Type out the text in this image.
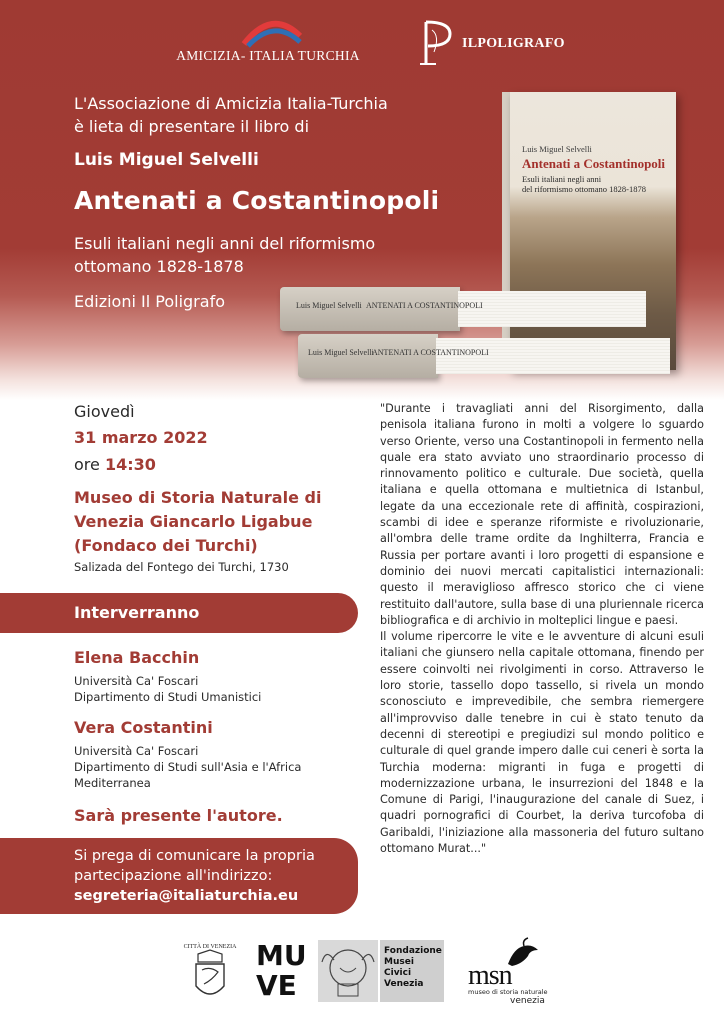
AMICIZIA- ITALIA TURCHIA
ILPOLIGRAFO
L'Associazione di Amicizia Italia-Turchia
è lieta di presentare il libro di
Luis Miguel Selvelli
Antenati a Costantinopoli
Esuli italiani negli anni del riformismo
ottomano 1828-1878
Edizioni Il Poligrafo
Luis Miguel Selvelli
Antenati a Costantinopoli
Esuli italiani negli anni
del riformismo ottomano 1828-1878
Luis Miguel Selvelli ANTENATI A COSTANTINOPOLI
Luis Miguel Selvelli
ANTENATI A COSTANTINOPOLI
Giovedì
31 marzo 2022
ore 14:30
Museo di Storia Naturale di
Venezia Giancarlo Ligabue
(Fondaco dei Turchi)
Salizada del Fontego dei Turchi, 1730
Interverranno
Elena Bacchin
Università Ca' Foscari
Dipartimento di Studi Umanistici
Vera Costantini
Università Ca' Foscari
Dipartimento di Studi sull'Asia e l'Africa
Mediterranea
Sarà presente l'autore.
Si prega di comunicare la propria
partecipazione all'indirizzo:
segreteria@italiaturchia.eu

"Durante i travagliati anni del Risorgimento, dalla penisola italiana furono in molti a volgere lo sguardo verso Oriente, verso una Costantinopoli in fermento nella quale era stato avviato uno straordinario processo di rinnovamento politico e culturale. Due società, quella italiana e quella ottomana e multietnica di Istanbul, legate da una eccezionale rete di affinità, cospirazioni, scambi di idee e speranze riformiste e rivoluzionarie, all'ombra delle trame ordite da Inghilterra, Francia e Russia per portare avanti i loro progetti di espansione e dominio dei nuovi mercati capitalistici internazionali: questo il meraviglioso affresco storico che ci viene restituito dall'autore, sulla base di una pluriennale ricerca bibliografica e di archivio in molteplici lingue e paesi.

Il volume ripercorre le vite e le avventure di alcuni esuli italiani che giunsero nella capitale ottomana, finendo per essere coinvolti nei rivolgimenti in corso. Attraverso le loro storie, tassello dopo tassello, si rivela un mondo sconosciuto e imprevedibile, che sembra riemergere all'improvviso dalle tenebre in cui è stato tenuto da decenni di stereotipi e pregiudizi sul mondo politico e culturale di quel grande impero dalle cui ceneri è sorta la Turchia moderna: migranti in fuga e progetti di modernizzazione urbana, le insurrezioni del 1848 e la Comune di Parigi, l'inaugurazione del canale di Suez, i quadri pornografici di Courbet, la deriva turcofoba di Garibaldi, l'iniziazione alla massoneria del futuro sultano ottomano Murat..."

CITTÀ DI VENEZIA MU
VE
Fondazione
Musei
Civici
Venezia msn
museo di storia naturale
venezia
